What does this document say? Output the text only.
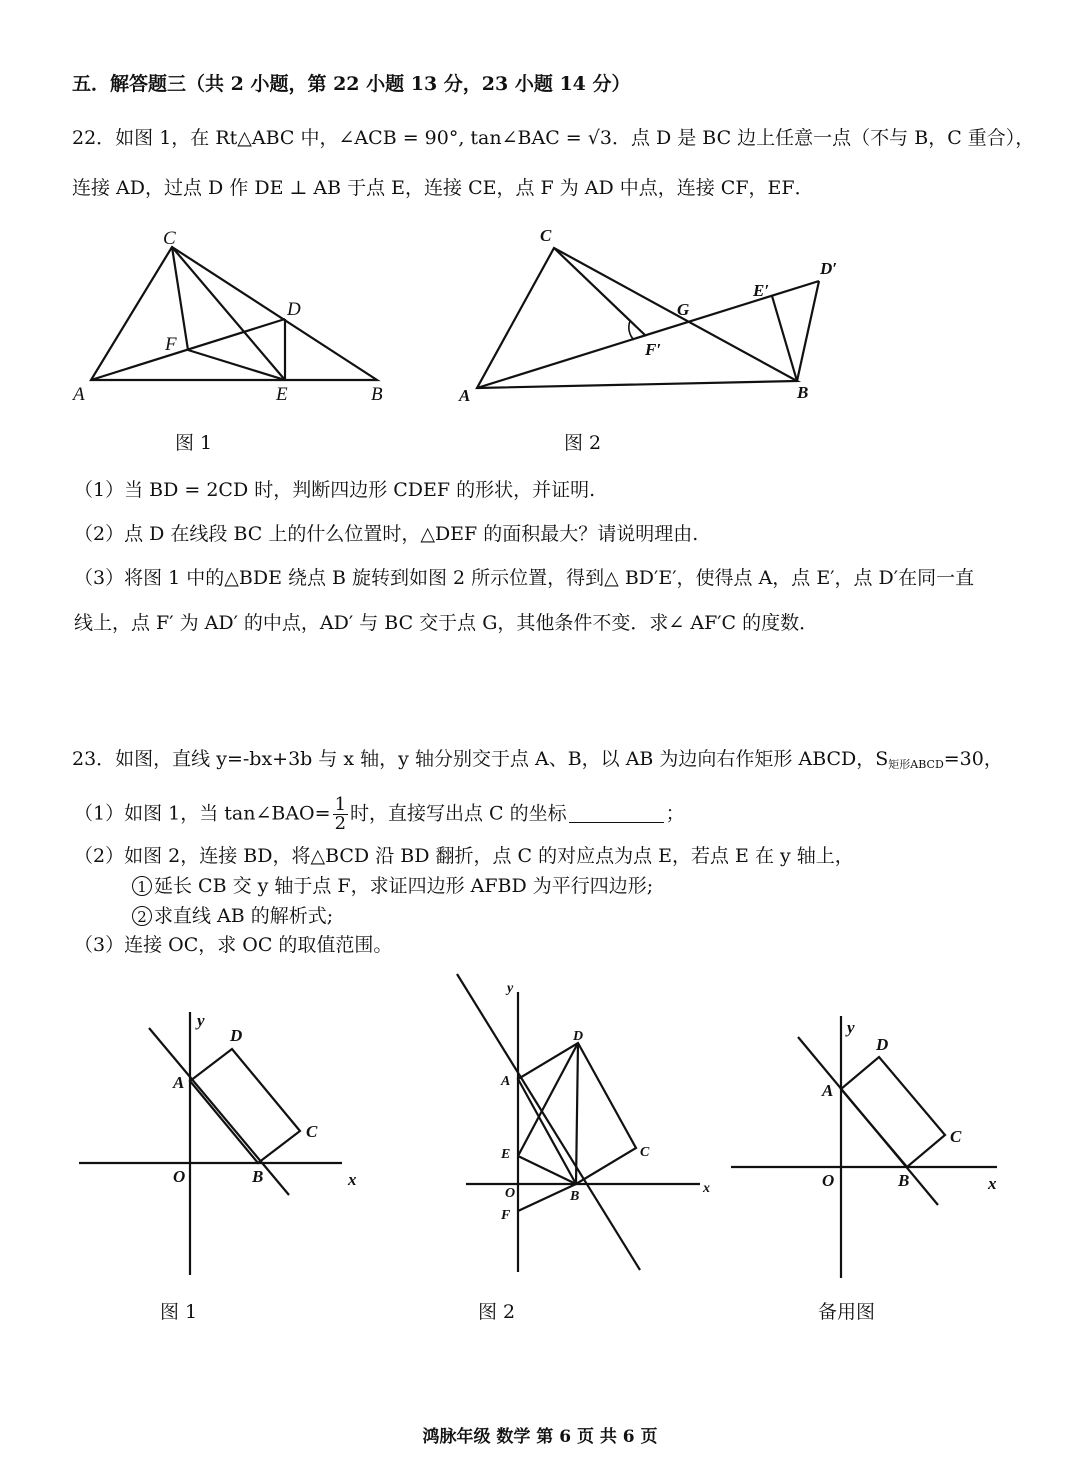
五．解答题三（共 2 小题，第 22 小题 13 分，23 小题 14 分）
22．如图 1，在 Rt△ABC 中，∠ACB = 90°, tan∠BAC = √3．点 D 是 BC 边上任意一点（不与 B，C 重合），
连接 AD，过点 D 作 DE ⊥ AB 于点 E，连接 CE，点 F 为 AD 中点，连接 CF，EF．
（1）当 BD = 2CD 时，判断四边形 CDEF 的形状，并证明.
（2）点 D 在线段 BC 上的什么位置时，△DEF 的面积最大？请说明理由.
（3）将图 1 中的△BDE 绕点 B 旋转到如图 2 所示位置，得到△ BD′E′，使得点 A，点 E′，点 D′在同一直
线上，点 F′ 为 AD′ 的中点，AD′ 与 BC 交于点 G，其他条件不变．求∠ AF′C 的度数．
23．如图，直线 y=-bx+3b 与 x 轴，y 轴分别交于点 A、B，以 AB 为边向右作矩形 ABCD，$S_{矩形ABCD}=30$，
（1）如图 1，当 tan∠BAO= $\frac{1}{2}$ 时，直接写出点 C 的坐标	；
（2）如图 2，连接 BD，将△BCD 沿 BD 翻折，点 C 的对应点为点 E，若点 E 在 y 轴上，
1 延长 CB 交 y 轴于点 F，求证四边形 AFBD 为平行四边形;
2 求直线 AB 的解析式;
（3）连接 OC，求 OC 的取值范围。
C
D
F
A	E	B
图 1
C
D′
E′
G
F′
A	B
图 2
y
D
A
C
O	B	x
图 1
y
D
A
C
E
O	B
F
x
图 2
y
D
A
C
O	B	x
备用图
鸿脉年级 数学 第 6 页 共 6 页
